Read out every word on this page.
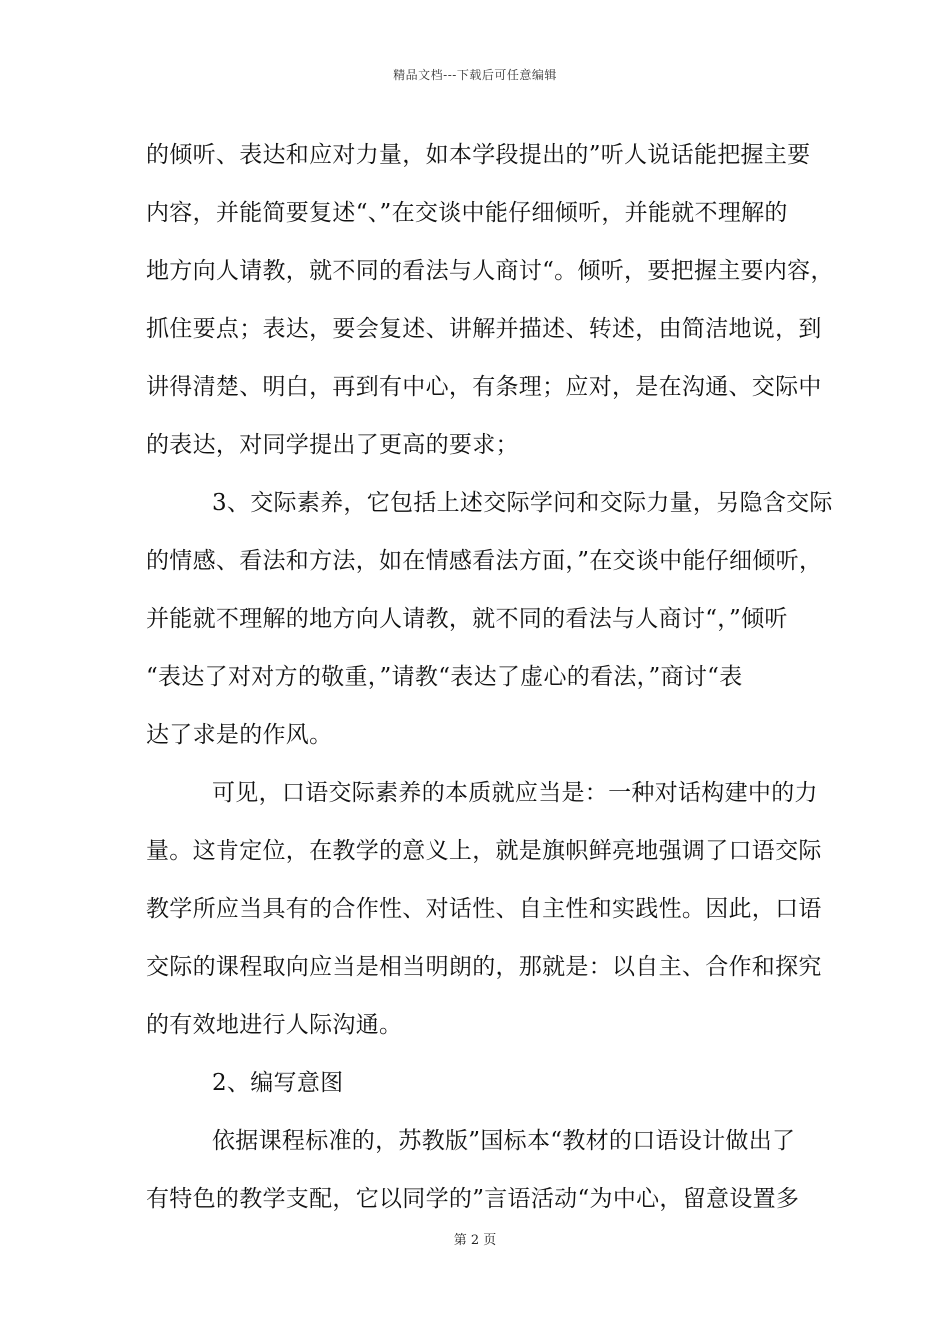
精品文档---下载后可任意编辑
的倾听、表达和应对力量，如本学段提出的”听人说话能把握主要
内容，并能简要复述“、”在交谈中能仔细倾听，并能就不理解的
地方向人请教，就不同的看法与人商讨“。倾听，要把握主要内容，
抓住要点；表达，要会复述、讲解并描述、转述，由简洁地说，到
讲得清楚、明白，再到有中心，有条理；应对，是在沟通、交际中
的表达，对同学提出了更高的要求；
3、交际素养，它包括上述交际学问和交际力量，另隐含交际
的情感、看法和方法，如在情感看法方面，”在交谈中能仔细倾听，
并能就不理解的地方向人请教，就不同的看法与人商讨“，”倾听
“表达了对对方的敬重，”请教“表达了虚心的看法，”商讨“表
达了求是的作风。
可见，口语交际素养的本质就应当是：一种对话构建中的力
量。这肯定位，在教学的意义上，就是旗帜鲜亮地强调了口语交际
教学所应当具有的合作性、对话性、自主性和实践性。因此，口语
交际的课程取向应当是相当明朗的，那就是：以自主、合作和探究
的有效地进行人际沟通。
2、编写意图
依据课程标准的，苏教版”国标本“教材的口语设计做出了
有特色的教学支配，它以同学的”言语活动“为中心，留意设置多
第 2 页
